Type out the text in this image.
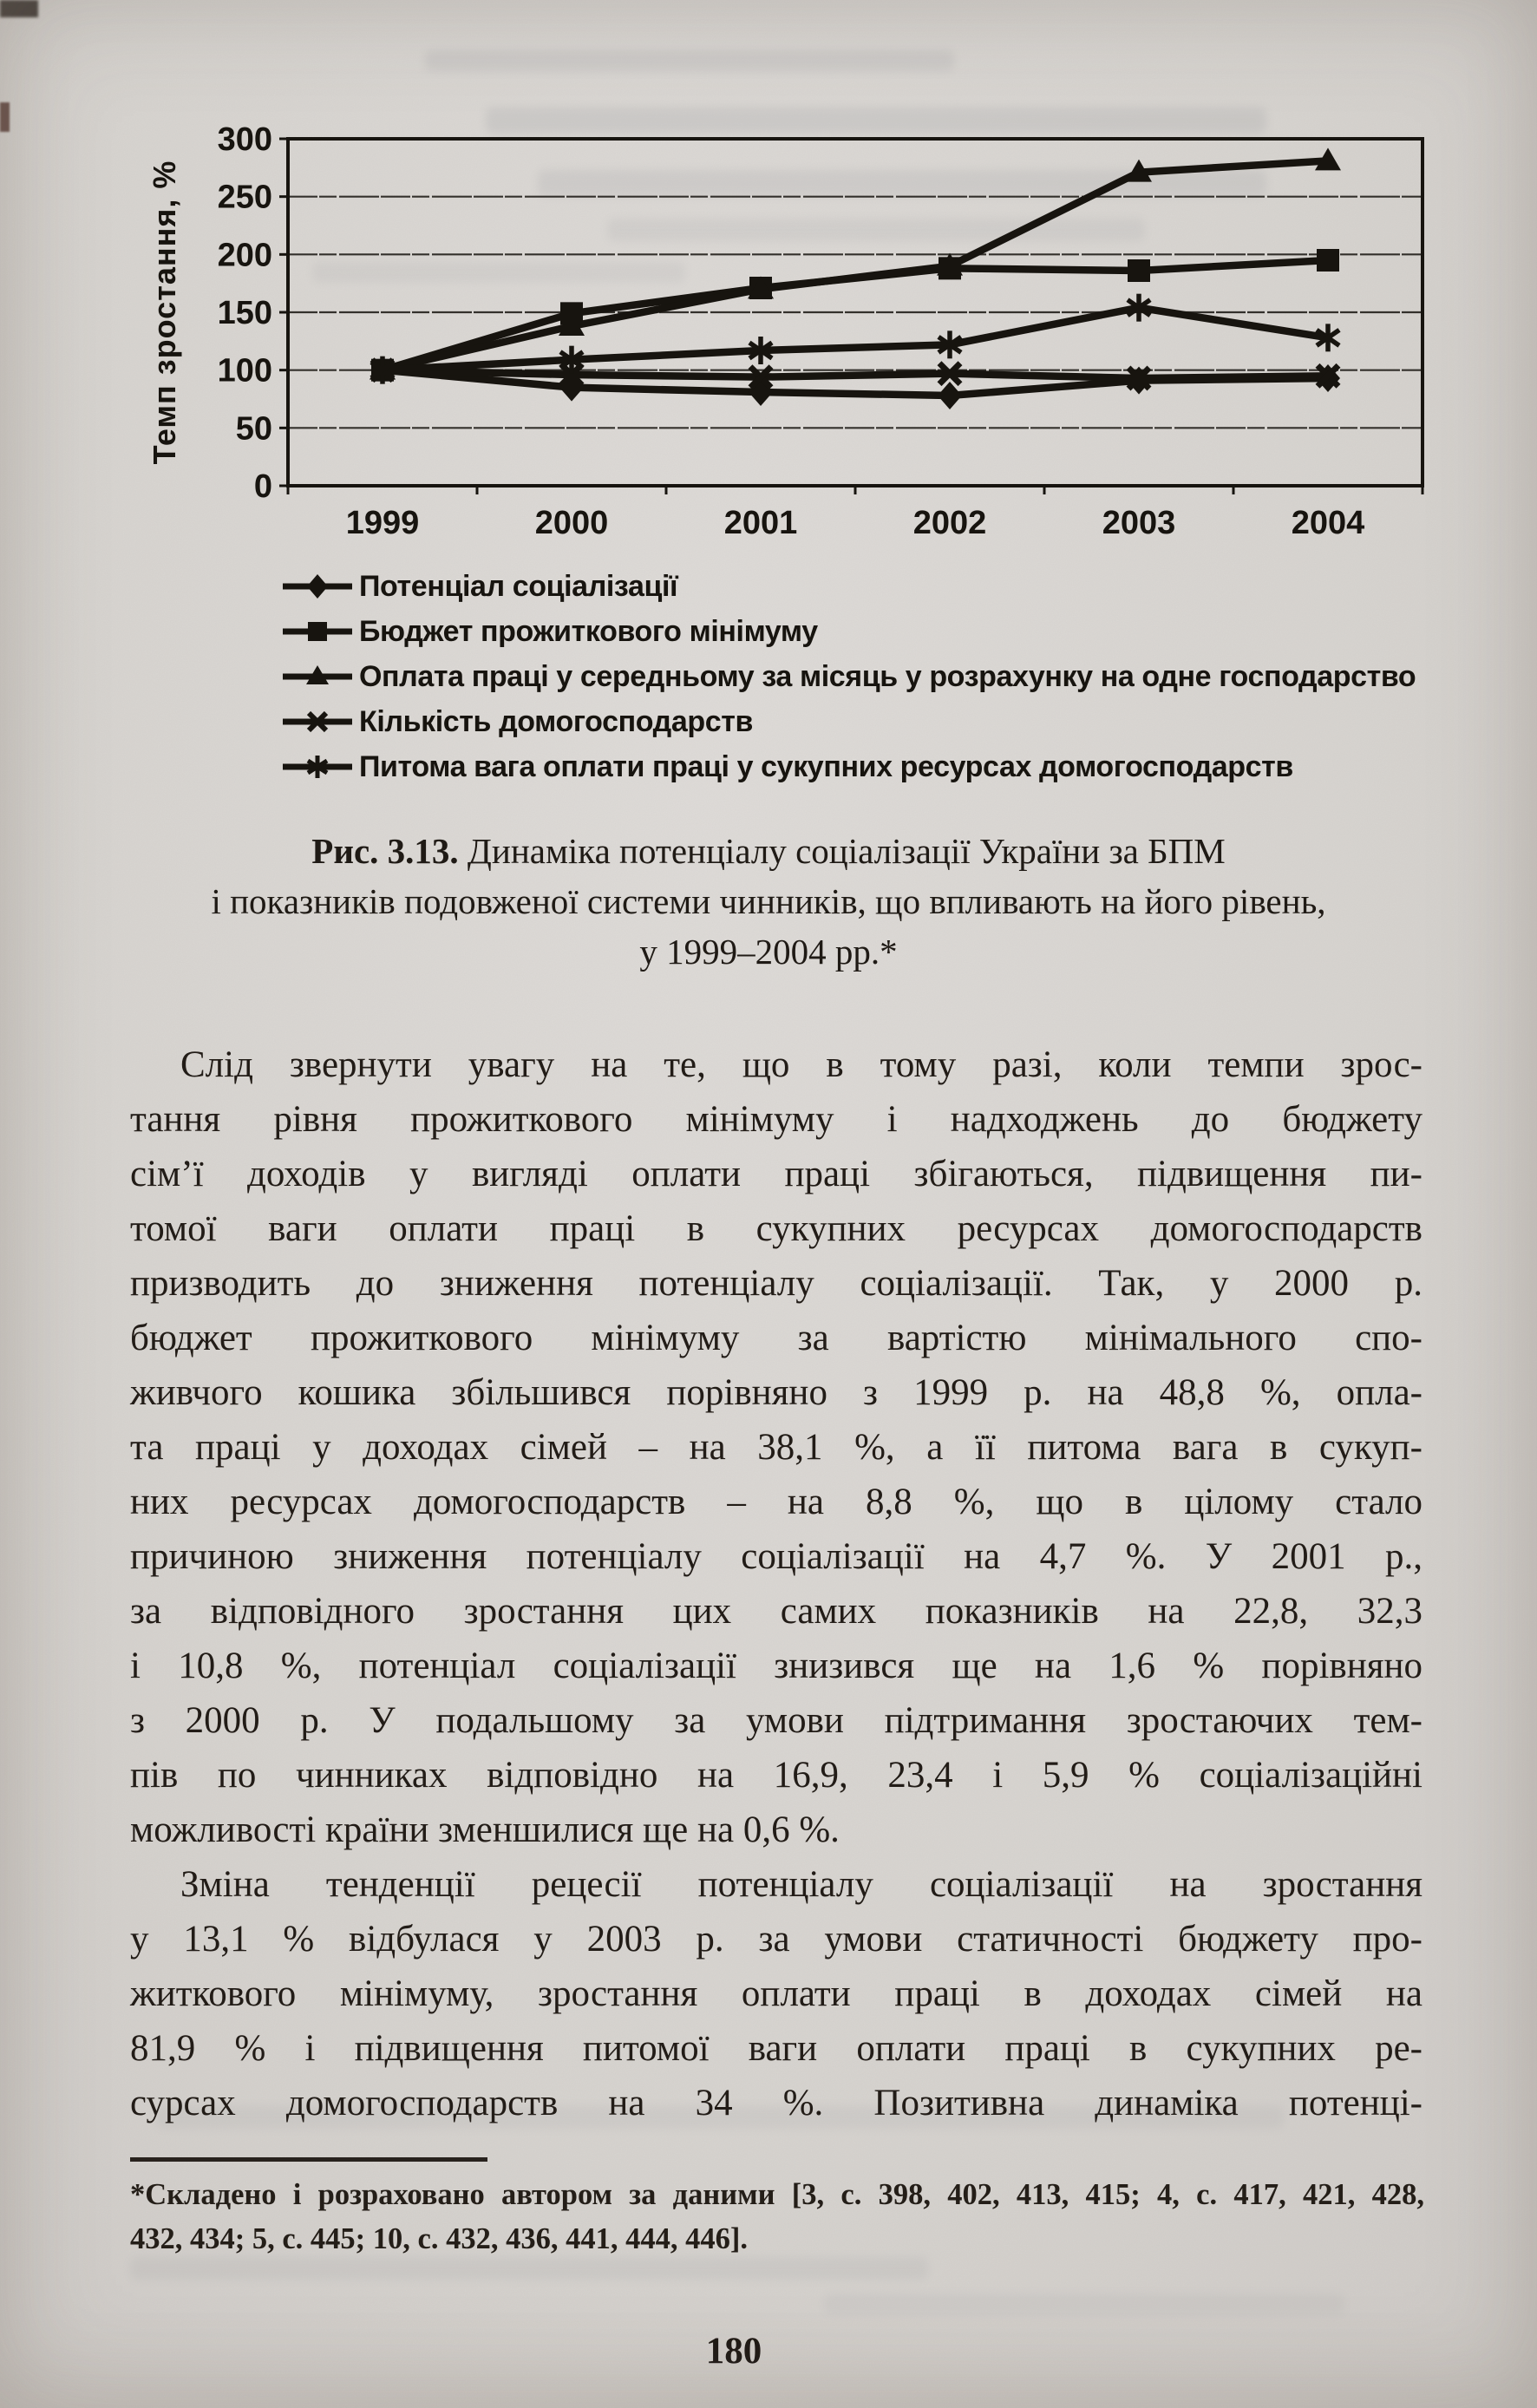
0
50
100
150
200
250
300
1999	2000	2001	2002	2003	2004
Темп зростання, %
Потенціал соціалізації
Бюджет прожиткового мінімуму
Оплата праці у середньому за місяць у розрахунку на одне господарство
Кількість домогосподарств
Питома вага оплати праці у сукупних ресурсах домогосподарств
Рис. 3.13. Динаміка потенціалу соціалізації України за БПМ
і показників подовженої системи чинників, що впливають на його рівень,
у 1999–2004 рр.*
Слід звернути увагу на те, що в тому разі, коли темпи зрос-
тання рівня прожиткового мінімуму і надходжень до бюджету
сім’ї доходів у вигляді оплати праці збігаються, підвищення пи-
томої ваги оплати праці в сукупних ресурсах домогосподарств
призводить до зниження потенціалу соціалізації. Так, у 2000 р.
бюджет прожиткового мінімуму за вартістю мінімального спо-
живчого кошика збільшився порівняно з 1999 р. на 48,8 %, опла-
та праці у доходах сімей – на 38,1 %, а її питома вага в сукуп-
них ресурсах домогосподарств – на 8,8 %, що в цілому стало
причиною зниження потенціалу соціалізації на 4,7 %. У 2001 р.,
за відповідного зростання цих самих показників на 22,8, 32,3
і 10,8 %, потенціал соціалізації знизився ще на 1,6 % порівняно
з 2000 р. У подальшому за умови підтримання зростаючих тем-
пів по чинниках відповідно на 16,9, 23,4 і 5,9 % соціалізаційні
можливості країни зменшилися ще на 0,6 %.
Зміна тенденції рецесії потенціалу соціалізації на зростання
у 13,1 % відбулася у 2003 р. за умови статичності бюджету про-
житкового мінімуму, зростання оплати праці в доходах сімей на
81,9 % і підвищення питомої ваги оплати праці в сукупних ре-
сурсах домогосподарств на 34 %. Позитивна динаміка потенці-
*Складено і розраховано автором за даними [3, с. 398, 402, 413, 415; 4, с. 417, 421, 428,
432, 434; 5, с. 445; 10, с. 432, 436, 441, 444, 446].
180
